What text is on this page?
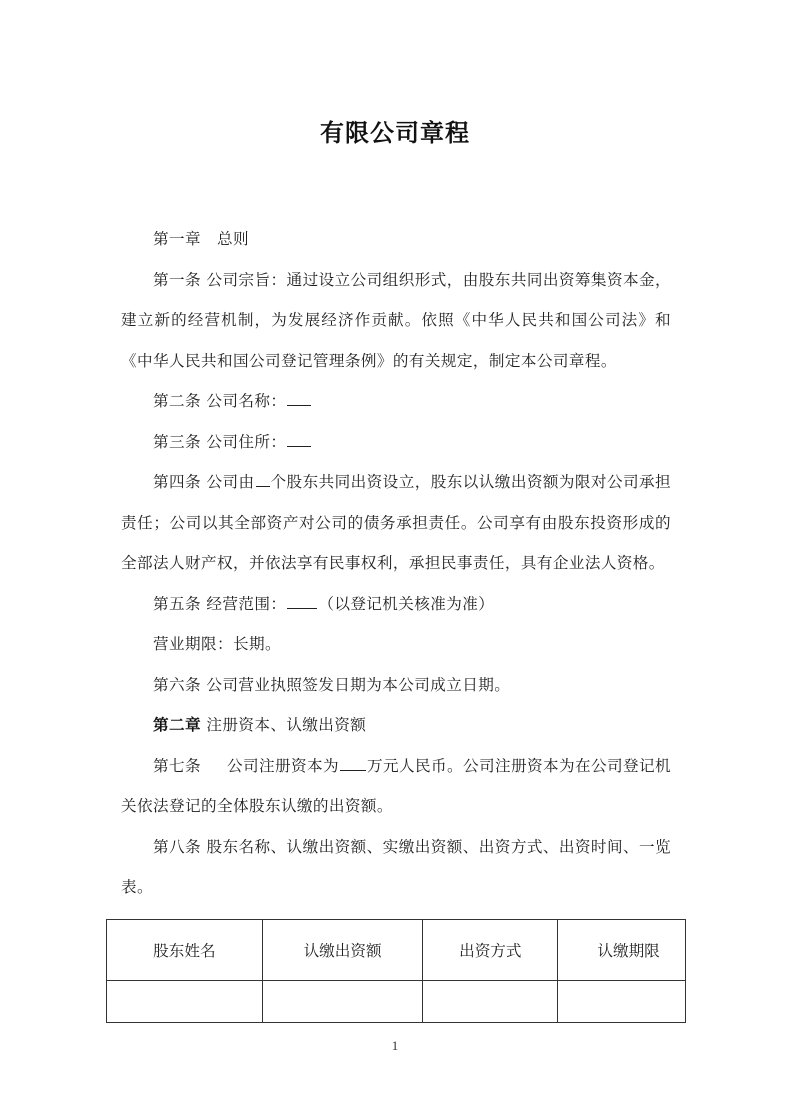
有限公司章程

第一章 总则

第一条 公司宗旨：通过设立公司组织形式，由股东共同出资筹集资本金，建立新的经营机制，为发展经济作贡献。依照《中华人民共和国公司法》和《中华人民共和国公司登记管理条例》的有关规定，制定本公司章程。

第二条 公司名称：

第三条 公司住所：

第四条 公司由 个股东共同出资设立，股东以认缴出资额为限对公司承担责任；公司以其全部资产对公司的债务承担责任。公司享有由股东投资形成的全部法人财产权，并依法享有民事权利，承担民事责任，具有企业法人资格。

第五条 经营范围： （以登记机关核准为准）

营业期限：长期。

第六条 公司营业执照签发日期为本公司成立日期。

第二章 注册资本、认缴出资额

第七条 公司注册资本为 万元人民币。公司注册资本为在公司登记机关依法登记的全体股东认缴的出资额。

第八条 股东名称、认缴出资额、实缴出资额、出资方式、出资时间、一览表。

股东姓名	认缴出资额	出资方式	认缴期限

1
